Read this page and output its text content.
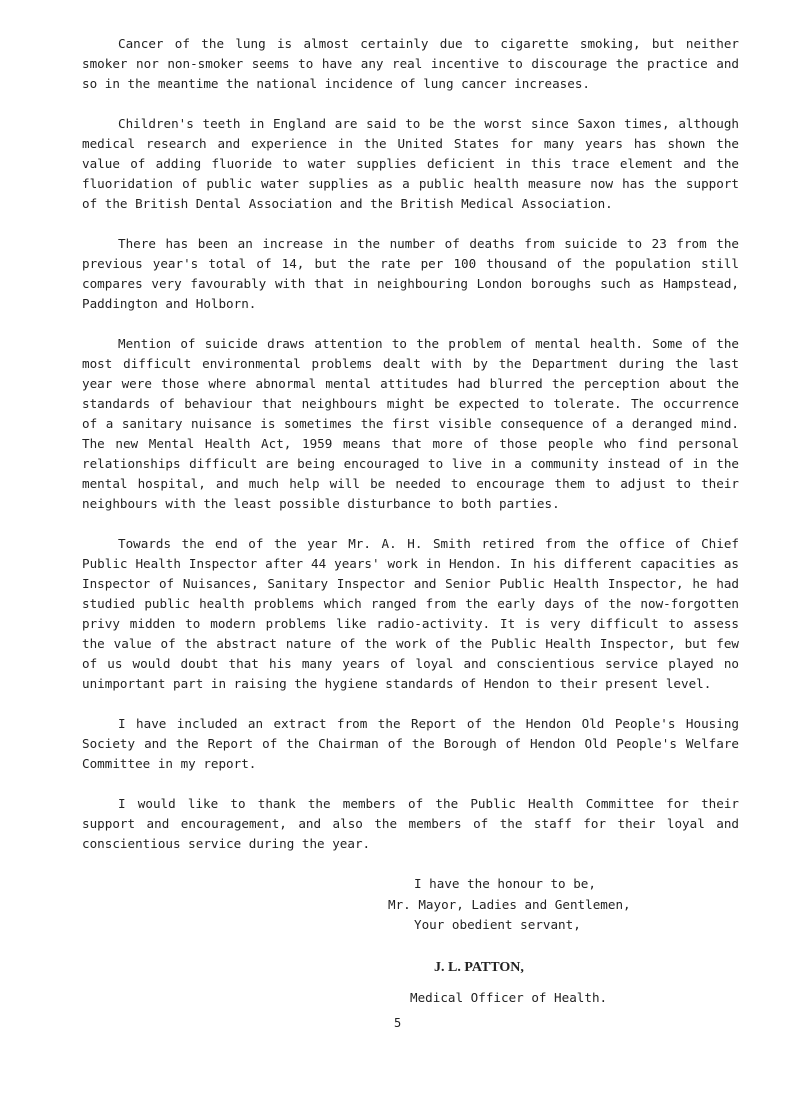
Cancer of the lung is almost certainly due to cigarette smoking, but neither smoker nor non-smoker seems to have any real incentive to discourage the practice and so in the meantime the national incidence of lung cancer increases.

Children's teeth in England are said to be the worst since Saxon times, although medical research and experience in the United States for many years has shown the value of adding fluoride to water supplies deficient in this trace element and the fluoridation of public water supplies as a public health measure now has the support of the British Dental Association and the British Medical Association.

There has been an increase in the number of deaths from suicide to 23 from the previous year's total of 14, but the rate per 100 thousand of the population still compares very favourably with that in neighbouring London boroughs such as Hampstead, Paddington and Holborn.

Mention of suicide draws attention to the problem of mental health. Some of the most difficult environmental problems dealt with by the Department during the last year were those where abnormal mental attitudes had blurred the perception about the standards of behaviour that neighbours might be expected to tolerate. The occurrence of a sanitary nuisance is sometimes the first visible consequence of a deranged mind. The new Mental Health Act, 1959 means that more of those people who find personal relationships difficult are being encouraged to live in a community instead of in the mental hospital, and much help will be needed to encourage them to adjust to their neighbours with the least possible disturbance to both parties.

Towards the end of the year Mr. A. H. Smith retired from the office of Chief Public Health Inspector after 44 years' work in Hendon. In his different capacities as Inspector of Nuisances, Sanitary Inspector and Senior Public Health Inspector, he had studied public health problems which ranged from the early days of the now-forgotten privy midden to modern problems like radio-activity. It is very difficult to assess the value of the abstract nature of the work of the Public Health Inspector, but few of us would doubt that his many years of loyal and conscientious service played no unimportant part in raising the hygiene standards of Hendon to their present level.

I have included an extract from the Report of the Hendon Old People's Housing Society and the Report of the Chairman of the Borough of Hendon Old People's Welfare Committee in my report.

I would like to thank the members of the Public Health Committee for their support and encouragement, and also the members of the staff for their loyal and conscientious service during the year.

I have the honour to be,
Mr. Mayor, Ladies and Gentlemen,
Your obedient servant,
J. L. PATTON,
Medical Officer of Health.
5
